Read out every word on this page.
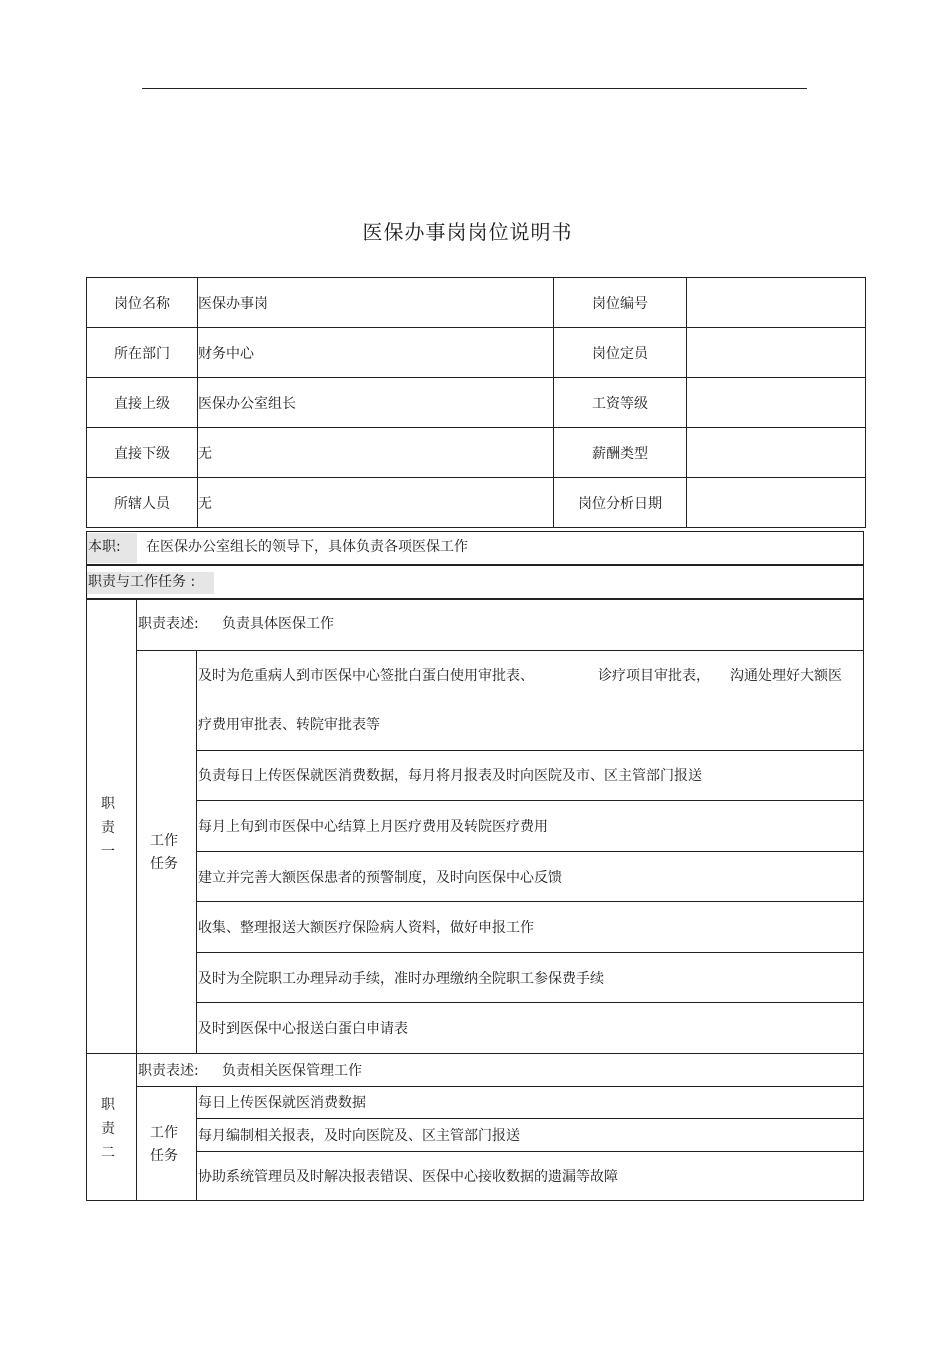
医保办事岗岗位说明书
岗位名称	医保办事岗	岗位编号	
所在部门	财务中心	岗位定员	
直接上级	医保办公室组长	工资等级	
直接下级	无	薪酬类型	
所辖人员	无	岗位分析日期	
本职: 在医保办公室组长的领导下，具体负责各项医保工作
职责与工作任务 :
职
责
一
职责表述: 负责具体医保工作
工作
任务
及时为危重病人到市医保中心签批白蛋白使用审批表、	诊疗项目审批表， 沟通处理好大额医
疗费用审批表、转院审批表等
负责每日上传医保就医消费数据，每月将月报表及时向医院及市、区主管部门报送
每月上旬到市医保中心结算上月医疗费用及转院医疗费用
建立并完善大额医保患者的预警制度，及时向医保中心反馈
收集、整理报送大额医疗保险病人资料，做好申报工作
及时为全院职工办理异动手续，准时办理缴纳全院职工参保费手续
及时到医保中心报送白蛋白申请表
职
责
二
职责表述: 负责相关医保管理工作
工作
任务
每日上传医保就医消费数据
每月编制相关报表，及时向医院及、区主管部门报送
协助系统管理员及时解决报表错误、医保中心接收数据的遗漏等故障
